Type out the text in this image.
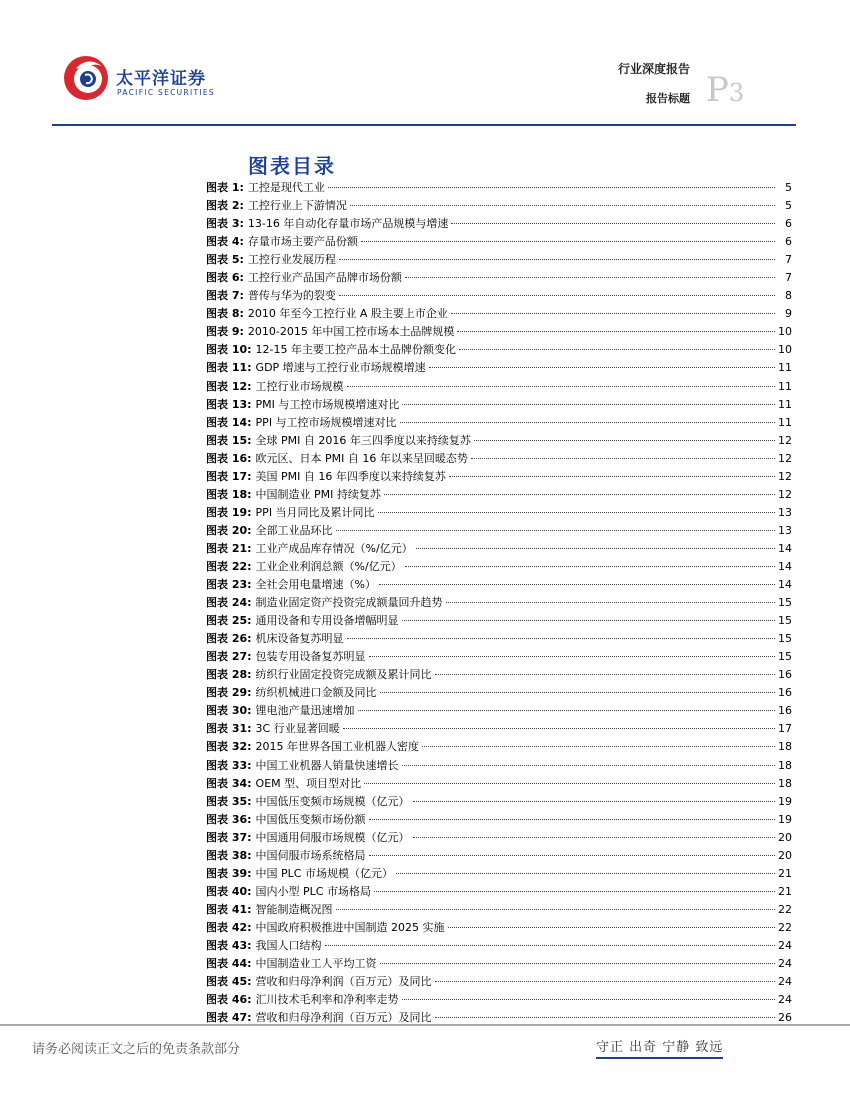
太平洋证券
PACIFIC SECURITIES
行业深度报告
报告标题 P3
图表目录
图表 1: 工控是现代工业	5
图表 2: 工控行业上下游情况	5
图表 3: 13-16 年自动化存量市场产品规模与增速	6
图表 4: 存量市场主要产品份额	6
图表 5: 工控行业发展历程	7
图表 6: 工控行业产品国产品牌市场份额	7
图表 7: 普传与华为的裂变	8
图表 8: 2010 年至今工控行业 A 股主要上市企业	9
图表 9: 2010-2015 年中国工控市场本土品牌规模	10
图表 10: 12-15 年主要工控产品本土品牌份额变化	10
图表 11: GDP 增速与工控行业市场规模增速	11
图表 12: 工控行业市场规模	11
图表 13: PMI 与工控市场规模增速对比	11
图表 14: PPI 与工控市场规模增速对比	11
图表 15: 全球 PMI 自 2016 年三四季度以来持续复苏	12
图表 16: 欧元区、日本 PMI 自 16 年以来呈回暖态势	12
图表 17: 美国 PMI 自 16 年四季度以来持续复苏	12
图表 18: 中国制造业 PMI 持续复苏	12
图表 19: PPI 当月同比及累计同比	13
图表 20: 全部工业品环比	13
图表 21: 工业产成品库存情况（%/亿元）	14
图表 22: 工业企业利润总额（%/亿元）	14
图表 23: 全社会用电量增速（%）	14
图表 24: 制造业固定资产投资完成额量回升趋势	15
图表 25: 通用设备和专用设备增幅明显	15
图表 26: 机床设备复苏明显	15
图表 27: 包装专用设备复苏明显	15
图表 28: 纺织行业固定投资完成额及累计同比	16
图表 29: 纺织机械进口金额及同比	16
图表 30: 锂电池产量迅速增加	16
图表 31: 3C 行业显著回暖	17
图表 32: 2015 年世界各国工业机器人密度	18
图表 33: 中国工业机器人销量快速增长	18
图表 34: OEM 型、项目型对比	18
图表 35: 中国低压变频市场规模（亿元）	19
图表 36: 中国低压变频市场份额	19
图表 37: 中国通用伺服市场规模（亿元）	20
图表 38: 中国伺服市场系统格局	20
图表 39: 中国 PLC 市场规模（亿元）	21
图表 40: 国内小型 PLC 市场格局	21
图表 41: 智能制造概况图	22
图表 42: 中国政府积极推进中国制造 2025 实施	22
图表 43: 我国人口结构	24
图表 44: 中国制造业工人平均工资	24
图表 45: 营收和归母净利润（百万元）及同比	24
图表 46: 汇川技术毛利率和净利率走势	24
图表 47: 营收和归母净利润（百万元）及同比	26
请务必阅读正文之后的免责条款部分	守正 出奇 宁静 致远
